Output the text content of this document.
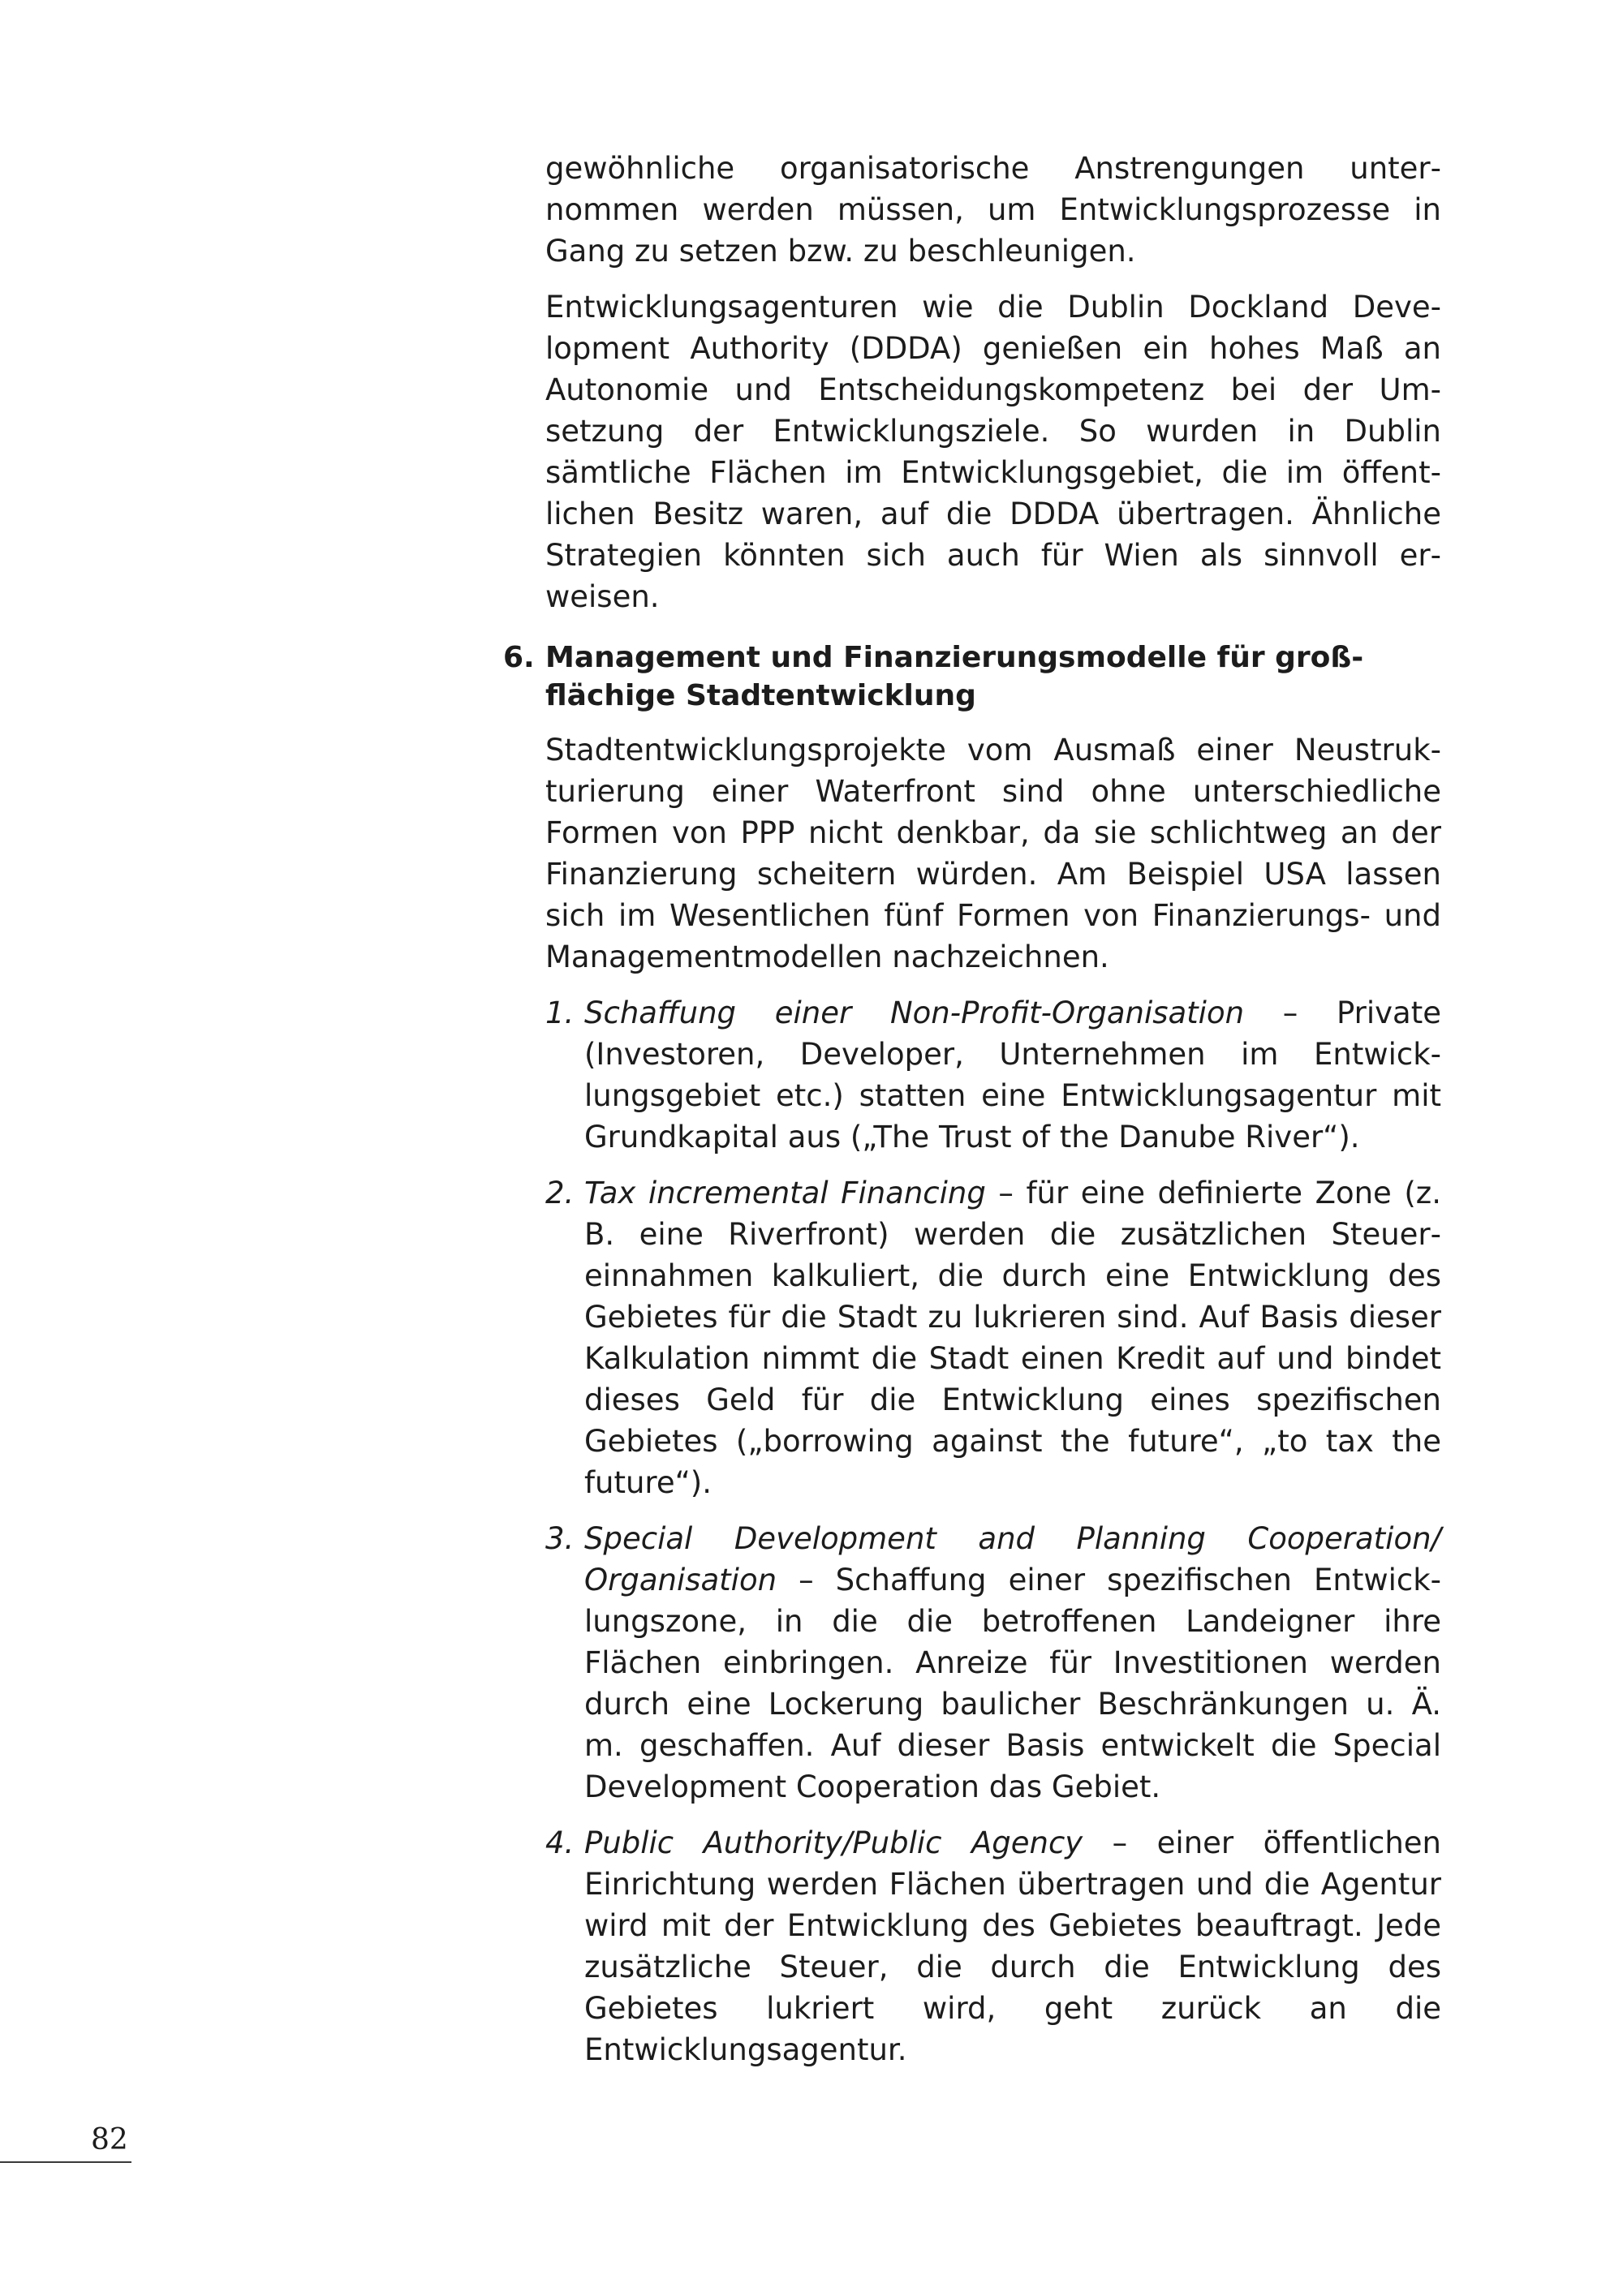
gewöhnliche organisatorische Anstrengungen unternommen werden müssen, um Entwicklungsprozesse in Gang zu setzen bzw. zu beschleunigen.

Entwicklungsagenturen wie die Dublin Dockland Development Authority (DDDA) genießen ein hohes Maß an Autonomie und Entscheidungskompetenz bei der Umsetzung der Entwicklungsziele. So wurden in Dublin sämtliche Flächen im Entwicklungsgebiet, die im öffentlichen Besitz waren, auf die DDDA übertragen. Ähnliche Strategien könnten sich auch für Wien als sinnvoll erweisen.

6. Management und Finanzierungsmodelle für großflächige Stadtentwicklung

Stadtentwicklungsprojekte vom Ausmaß einer Neustrukturierung einer Waterfront sind ohne unterschiedliche Formen von PPP nicht denkbar, da sie schlichtweg an der Finanzierung scheitern würden. Am Beispiel USA lassen sich im Wesentlichen fünf Formen von Finanzierungs- und Managementmodellen nachzeichnen.

1. Schaffung einer Non-Profit-Organisation – Private (Investoren, Developer, Unternehmen im Entwicklungsgebiet etc.) statten eine Entwicklungsagentur mit Grundkapital aus („The Trust of the Danube River“).
2. Tax incremental Financing – für eine definierte Zone (z. B. eine Riverfront) werden die zusätzlichen Steuereinnahmen kalkuliert, die durch eine Entwicklung des Gebietes für die Stadt zu lukrieren sind. Auf Basis dieser Kalkulation nimmt die Stadt einen Kredit auf und bindet dieses Geld für die Entwicklung eines spezifischen Gebietes („borrowing against the future“, „to tax the future“).
3. Special Development and Planning Cooperation/ Organisation – Schaffung einer spezifischen Entwicklungszone, in die die betroffenen Landeigner ihre Flächen einbringen. Anreize für Investitionen werden durch eine Lockerung baulicher Beschränkungen u. Ä. m. geschaffen. Auf dieser Basis entwickelt die Special Development Cooperation das Gebiet.
4. Public Authority/Public Agency – einer öffentlichen Einrichtung werden Flächen übertragen und die Agentur wird mit der Entwicklung des Gebietes beauftragt. Jede zusätzliche Steuer, die durch die Entwicklung des Gebietes lukriert wird, geht zurück an die Entwicklungsagentur.
82
